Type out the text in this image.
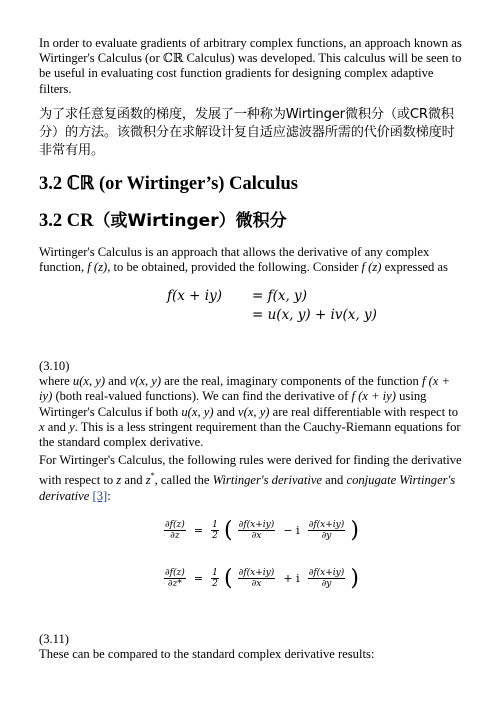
In order to evaluate gradients of arbitrary complex functions, an approach known as Wirtinger's Calculus (or ℂℝ Calculus) was developed. This calculus will be seen to be useful in evaluating cost function gradients for designing complex adaptive filters.

为了求任意复函数的梯度，发展了一种称为Wirtinger微积分（或CR微积分）的方法。该微积分在求解设计复自适应滤波器所需的代价函数梯度时非常有用。

3.2 ℂℝ (or Wirtinger’s) Calculus
3.2 CR（或Wirtinger）微积分

Wirtinger's Calculus is an approach that allows the derivative of any complex function, f (z), to be obtained, provided the following. Consider f (z) expressed as

f(x + iy) = f(x, y)
= u(x, y) + iv(x, y)

(3.10)

where u(x, y) and v(x, y) are the real, imaginary components of the function f (x + iy) (both real-valued functions). We can find the derivative of f (x + iy) using Wirtinger's Calculus if both u(x, y) and v(x, y) are real differentiable with respect to x and y. This is a less stringent requirement than the Cauchy-Riemann equations for the standard complex derivative.

For Wirtinger's Calculus, the following rules were derived for finding the derivative with respect to z and z*, called the Wirtinger's derivative and conjugate Wirtinger's derivative [3]:

$\frac{\partial f(z)}{\partial z} = \frac{1}{2}$ ( $\frac{\partial f(x+iy)}{\partial x} - i \frac{\partial f(x+iy)}{\partial y}$ )
$\frac{\partial f(z)}{\partial z*} = \frac{1}{2}$ ( $\frac{\partial f(x+iy)}{\partial x} + i \frac{\partial f(x+iy)}{\partial y}$ )

(3.11)

These can be compared to the standard complex derivative results:
